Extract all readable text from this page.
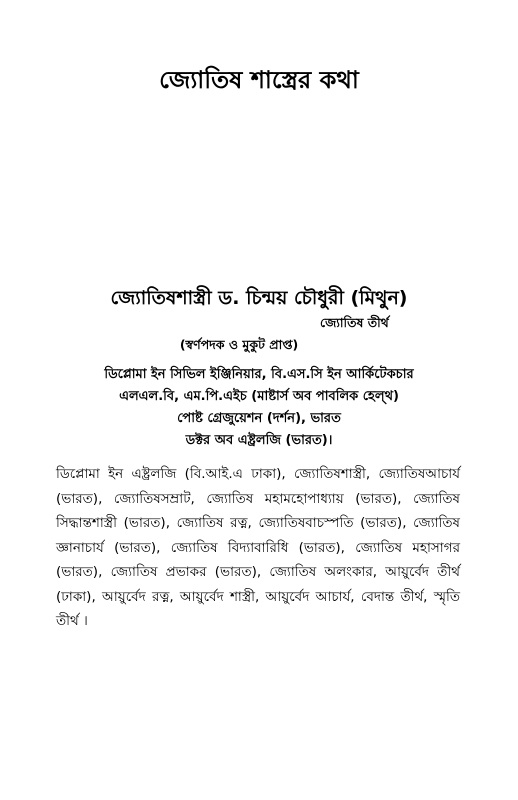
জ্যোতিষ শাস্ত্রের কথা
জ্যোতিষশাস্ত্রী ড. চিন্ময় চৌধুরী (মিথুন)
জ্যোতিষ তীর্থ
(স্বর্ণপদক ও মুকুট প্রাপ্ত)
ডিপ্লোমা ইন সিভিল ইঞ্জিনিয়ার, বি.এস.সি ইন আর্কিটেকচার
এলএল.বি, এম.পি.এইচ (মাষ্টার্স অব পাবলিক হেল্থ)
পোষ্ট গ্রেজুয়েশন (দর্শন), ভারত
ডক্টর অব এষ্ট্রলজি (ভারত)।
ডিপ্লোমা ইন এষ্ট্রলজি (বি.আই.এ ঢাকা), জ্যোতিষশাস্ত্রী, জ্যোতিষআচার্য (ভারত), জ্যোতিষসম্রাট, জ্যোতিষ মহামহোপাধ্যায় (ভারত), জ্যোতিষ সিদ্ধান্তশাস্ত্রী (ভারত), জ্যোতিষ রত্ন, জ্যোতিষবাচস্পতি (ভারত), জ্যোতিষ জ্ঞানাচার্য (ভারত), জ্যোতিষ বিদ্যাবারিধি (ভারত), জ্যোতিষ মহাসাগর (ভারত), জ্যোতিষ প্রভাকর (ভারত), জ্যোতিষ অলংকার, আয়ুর্বেদ তীর্থ (ঢাকা), আয়ুর্বেদ রত্ন, আয়ুর্বেদ শাস্ত্রী, আয়ুর্বেদ আচার্য, বেদান্ত তীর্থ, স্মৃতি তীর্থ ।
